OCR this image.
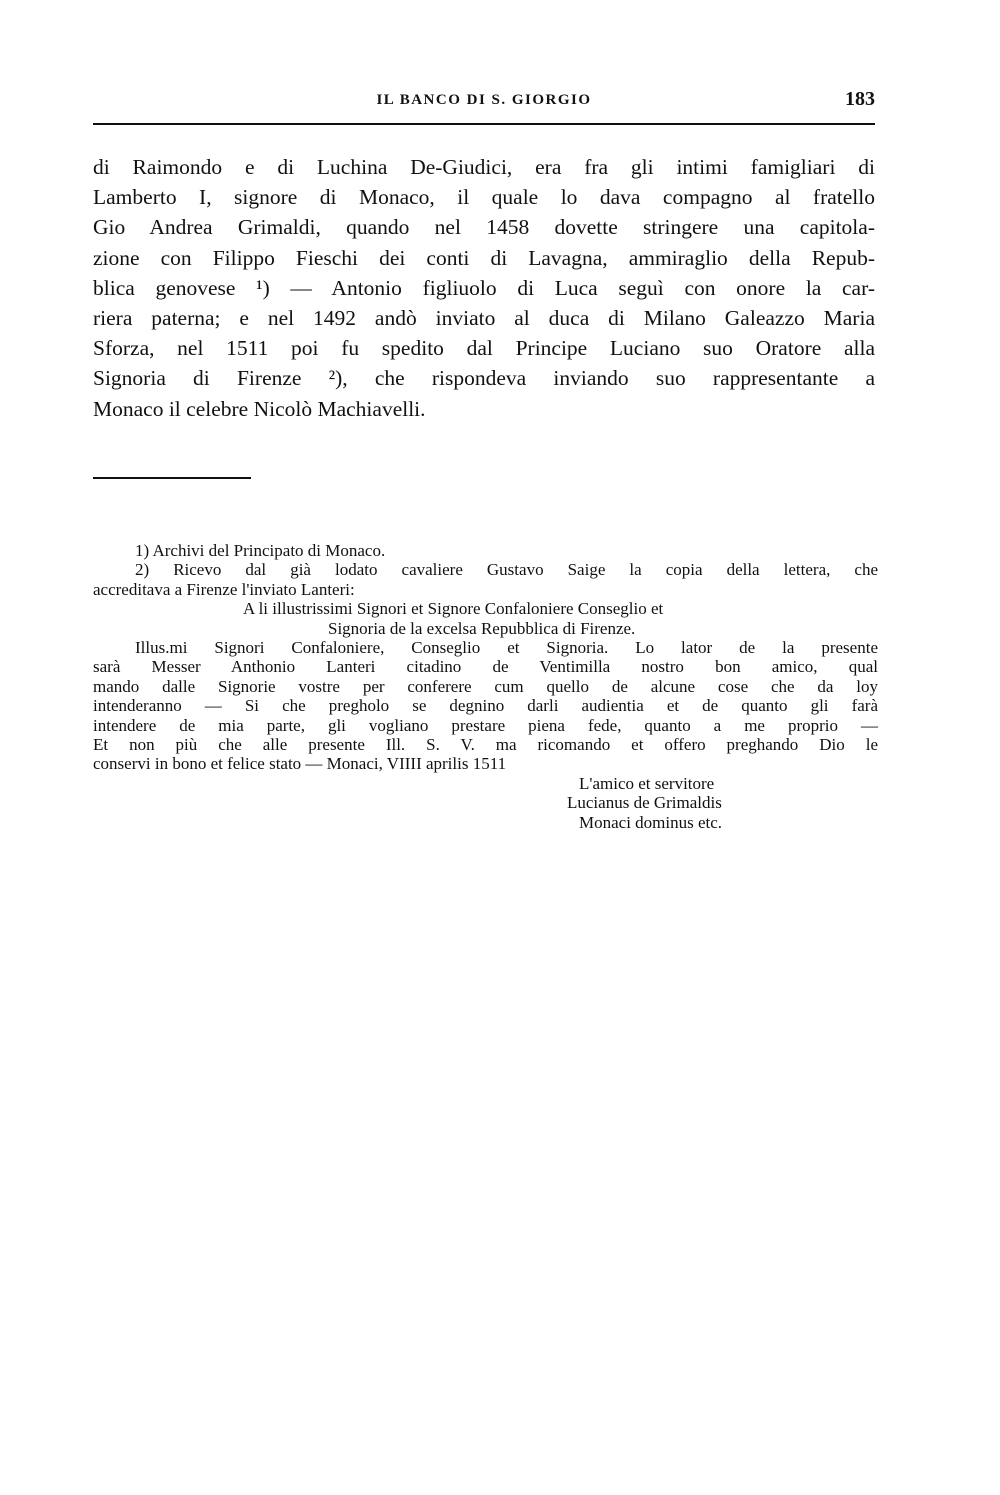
IL BANCO DI S. GIORGIO	183
di Raimondo e di Luchina De-Giudici, era fra gli intimi famigliari di
Lamberto I, signore di Monaco, il quale lo dava compagno al fratello
Gio Andrea Grimaldi, quando nel 1458 dovette stringere una capitola-
zione con Filippo Fieschi dei conti di Lavagna, ammiraglio della Repub-
blica genovese ¹) — Antonio figliuolo di Luca seguì con onore la car-
riera paterna; e nel 1492 andò inviato al duca di Milano Galeazzo Maria
Sforza, nel 1511 poi fu spedito dal Principe Luciano suo Oratore alla
Signoria di Firenze ²), che rispondeva inviando suo rappresentante a
Monaco il celebre Nicolò Machiavelli.
1) Archivi del Principato di Monaco.
2) Ricevo dal già lodato cavaliere Gustavo Saige la copia della lettera, che
accreditava a Firenze l'inviato Lanteri:
A li illustrissimi Signori et Signore Confaloniere Conseglio et
Signoria de la excelsa Repubblica di Firenze.
Illus.mi Signori Confaloniere, Conseglio et Signoria. Lo lator de la presente
sarà Messer Anthonio Lanteri citadino de Ventimilla nostro bon amico, qual
mando dalle Signorie vostre per conferere cum quello de alcune cose che da loy
intenderanno — Si che pregholo se degnino darli audientia et de quanto gli farà
intendere de mia parte, gli vogliano prestare piena fede, quanto a me proprio —
Et non più che alle presente Ill. S. V. ma ricomando et offero preghando Dio le
conservi in bono et felice stato — Monaci, VIIII aprilis 1511
L'amico et servitore
Lucianus de Grimaldis
Monaci dominus etc.
